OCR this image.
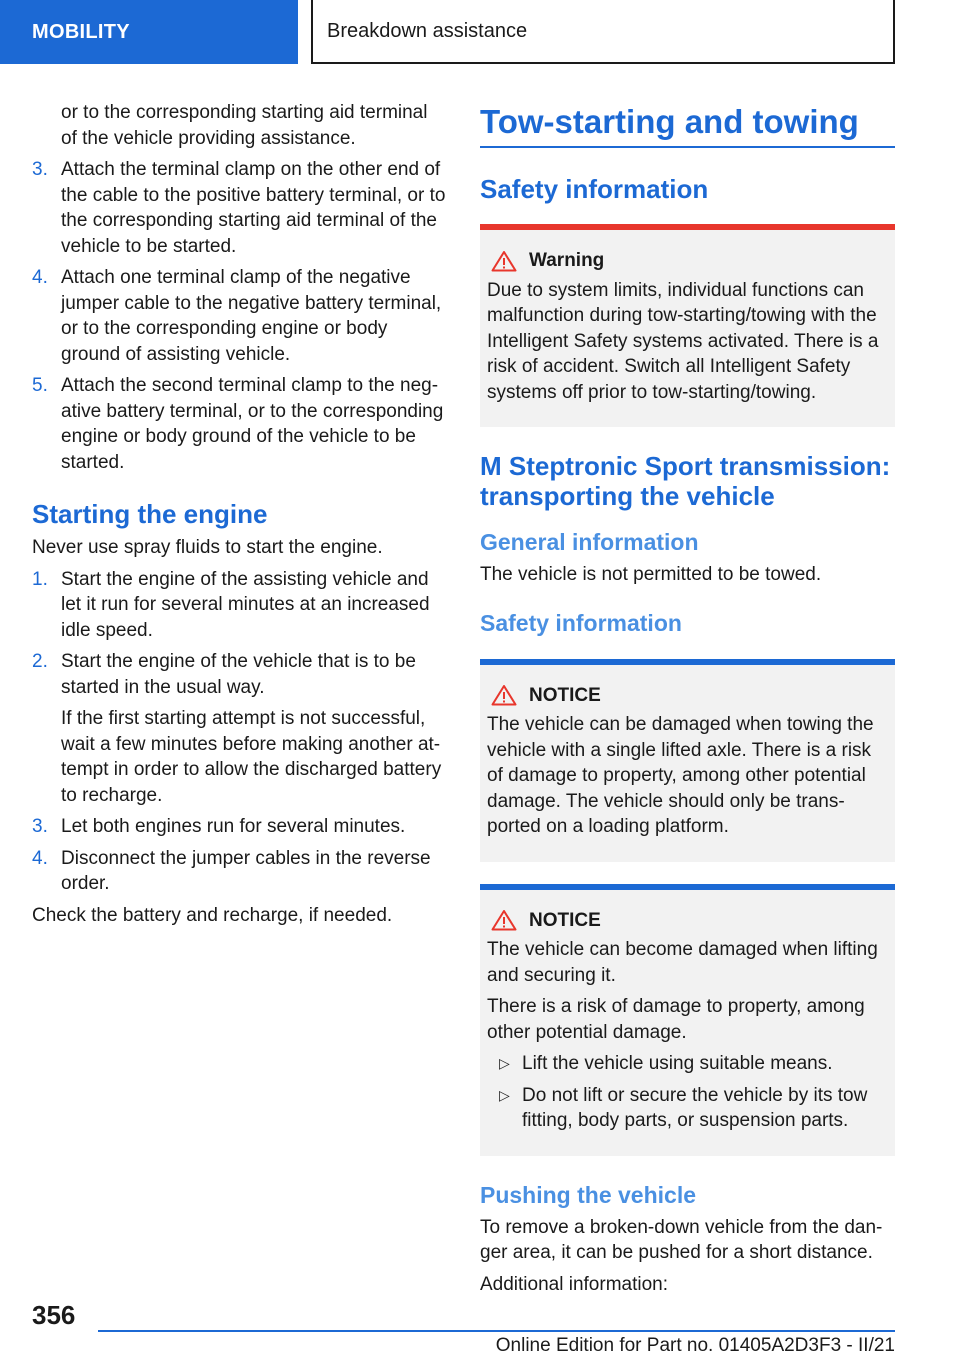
MOBILITY	Breakdown assistance

or to the corresponding starting aid terminal of the vehicle providing assistance.

3. Attach the terminal clamp on the other end of the cable to the positive battery terminal, or to the corresponding starting aid terminal of the vehicle to be started.

4. Attach one terminal clamp of the negative jumper cable to the negative battery terminal, or to the corresponding engine or body ground of assisting vehicle.

5. Attach the second terminal clamp to the neg‐ative battery terminal, or to the corresponding engine or body ground of the vehicle to be started.

Starting the engine

Never use spray fluids to start the engine.

1. Start the engine of the assisting vehicle and let it run for several minutes at an increased idle speed.

2. Start the engine of the vehicle that is to be started in the usual way.

If the first starting attempt is not successful, wait a few minutes before making another at‐tempt in order to allow the discharged battery to recharge.

3. Let both engines run for several minutes.

4. Disconnect the jumper cables in the reverse order.

Check the battery and recharge, if needed.

Tow-starting and towing
Safety information
Warning

Due to system limits, individual functions can malfunction during tow-starting/towing with the Intelligent Safety systems activated. There is a risk of accident. Switch all Intelligent Safety systems off prior to tow-starting/towing.

M Steptronic Sport transmission: transporting the vehicle
General information

The vehicle is not permitted to be towed.

Safety information
NOTICE

The vehicle can be damaged when towing the vehicle with a single lifted axle. There is a risk of damage to property, among other potential damage. The vehicle should only be trans‐ported on a loading platform.

NOTICE

The vehicle can become damaged when lifting and securing it.

There is a risk of damage to property, among other potential damage.

▷ Lift the vehicle using suitable means.
▷ Do not lift or secure the vehicle by its tow fitting, body parts, or suspension parts.
Pushing the vehicle

To remove a broken-down vehicle from the dan‐ger area, it can be pushed for a short distance.

Additional information:

356
Online Edition for Part no. 01405A2D3F3 - II/21
